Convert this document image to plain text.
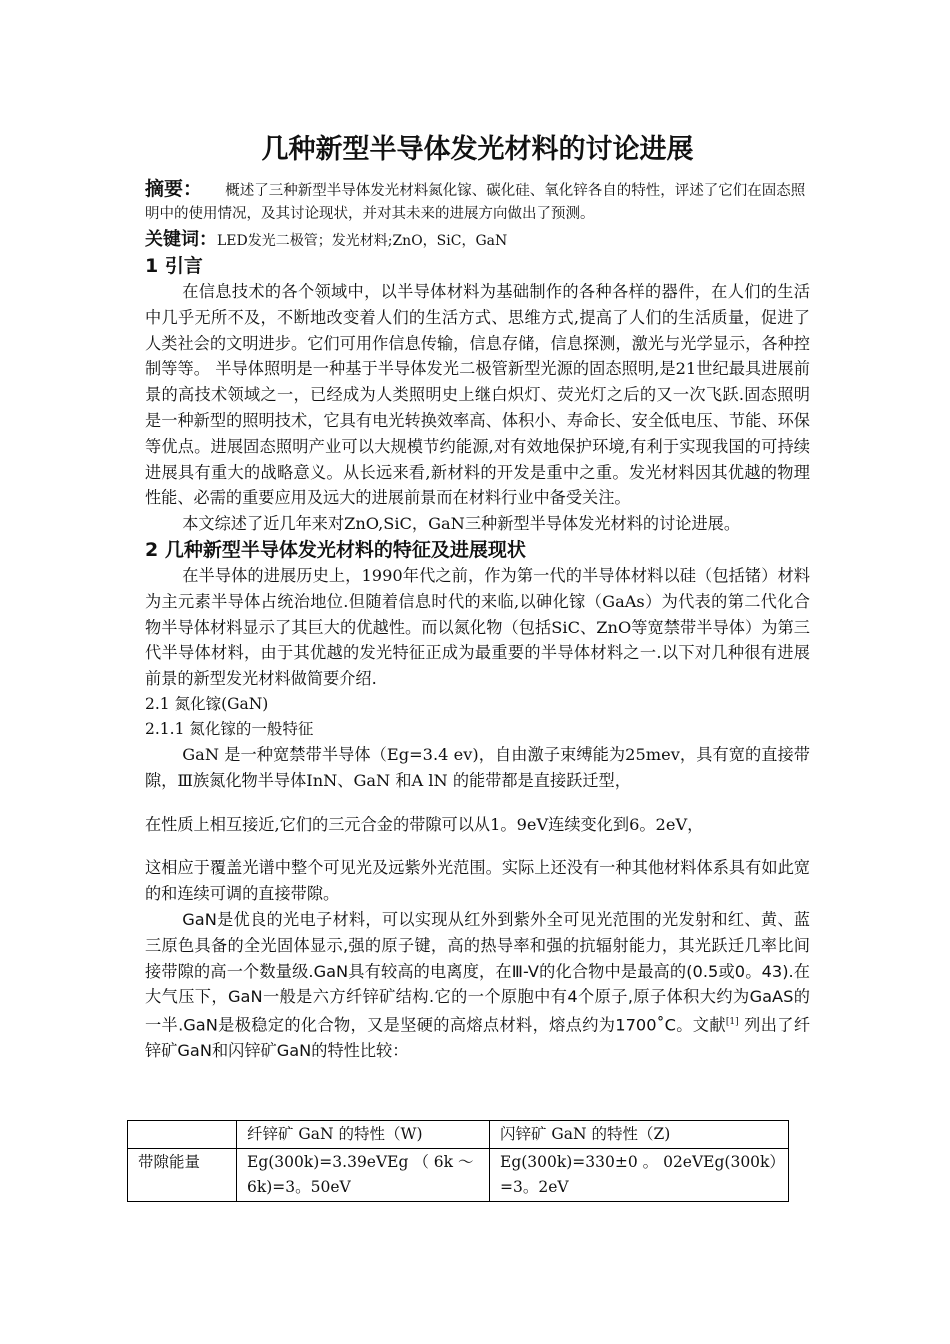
几种新型半导体发光材料的讨论进展

摘要： 概述了三种新型半导体发光材料氮化镓、碳化硅、氧化锌各自的特性，评述了它们在固态照明中的使用情况，及其讨论现状，并对其未来的进展方向做出了预测。

关键词：LED发光二极管；发光材料;ZnO，SiC，GaN

1 引言

在信息技术的各个领域中，以半导体材料为基础制作的各种各样的器件，在人们的生活中几乎无所不及，不断地改变着人们的生活方式、思维方式,提高了人们的生活质量，促进了人类社会的文明进步。它们可用作信息传输，信息存储，信息探测，激光与光学显示，各种控制等等。 半导体照明是一种基于半导体发光二极管新型光源的固态照明,是21世纪最具进展前景的高技术领域之一，已经成为人类照明史上继白炽灯、荧光灯之后的又一次飞跃.固态照明是一种新型的照明技术，它具有电光转换效率高、体积小、寿命长、安全低电压、节能、环保等优点。进展固态照明产业可以大规模节约能源,对有效地保护环境,有利于实现我国的可持续进展具有重大的战略意义。从长远来看,新材料的开发是重中之重。发光材料因其优越的物理性能、必需的重要应用及远大的进展前景而在材料行业中备受关注。

本文综述了近几年来对ZnO,SiC，GaN三种新型半导体发光材料的讨论进展。

2 几种新型半导体发光材料的特征及进展现状

在半导体的进展历史上，1990年代之前，作为第一代的半导体材料以硅（包括锗）材料为主元素半导体占统治地位.但随着信息时代的来临,以砷化镓（GaAs）为代表的第二代化合物半导体材料显示了其巨大的优越性。而以氮化物（包括SiC、ZnO等宽禁带半导体）为第三代半导体材料，由于其优越的发光特征正成为最重要的半导体材料之一.以下对几种很有进展前景的新型发光材料做简要介绍.

2.1 氮化镓(GaN)
2.1.1 氮化镓的一般特征

GaN 是一种宽禁带半导体（Eg=3.4 ev)，自由激子束缚能为25mev，具有宽的直接带隙，Ⅲ族氮化物半导体InN、GaN 和A lN 的能带都是直接跃迁型，

在性质上相互接近,它们的三元合金的带隙可以从1。9eV连续变化到6。2eV，

这相应于覆盖光谱中整个可见光及远紫外光范围。实际上还没有一种其他材料体系具有如此宽的和连续可调的直接带隙。

GaN是优良的光电子材料，可以实现从红外到紫外全可见光范围的光发射和红、黄、蓝三原色具备的全光固体显示,强的原子键，高的热导率和强的抗辐射能力，其光跃迁几率比间接带隙的高一个数量级.GaN具有较高的电离度，在Ⅲ-V的化合物中是最高的(0.5或0。43).在大气压下，GaN一般是六方纤锌矿结构.它的一个原胞中有4个原子,原子体积大约为GaAS的一半.GaN是极稳定的化合物，又是坚硬的高熔点材料，熔点约为1700˚C。文献[1] 列出了纤锌矿GaN和闪锌矿GaN的特性比较：

	纤锌矿 GaN 的特性（W)	闪锌矿 GaN 的特性（Z)
带隙能量	Eg(300k)=3.39eVEg （ 6k ～6k)=3。50eV	Eg(300k)=330±0 。 02eVEg(300k）=3。2eV
